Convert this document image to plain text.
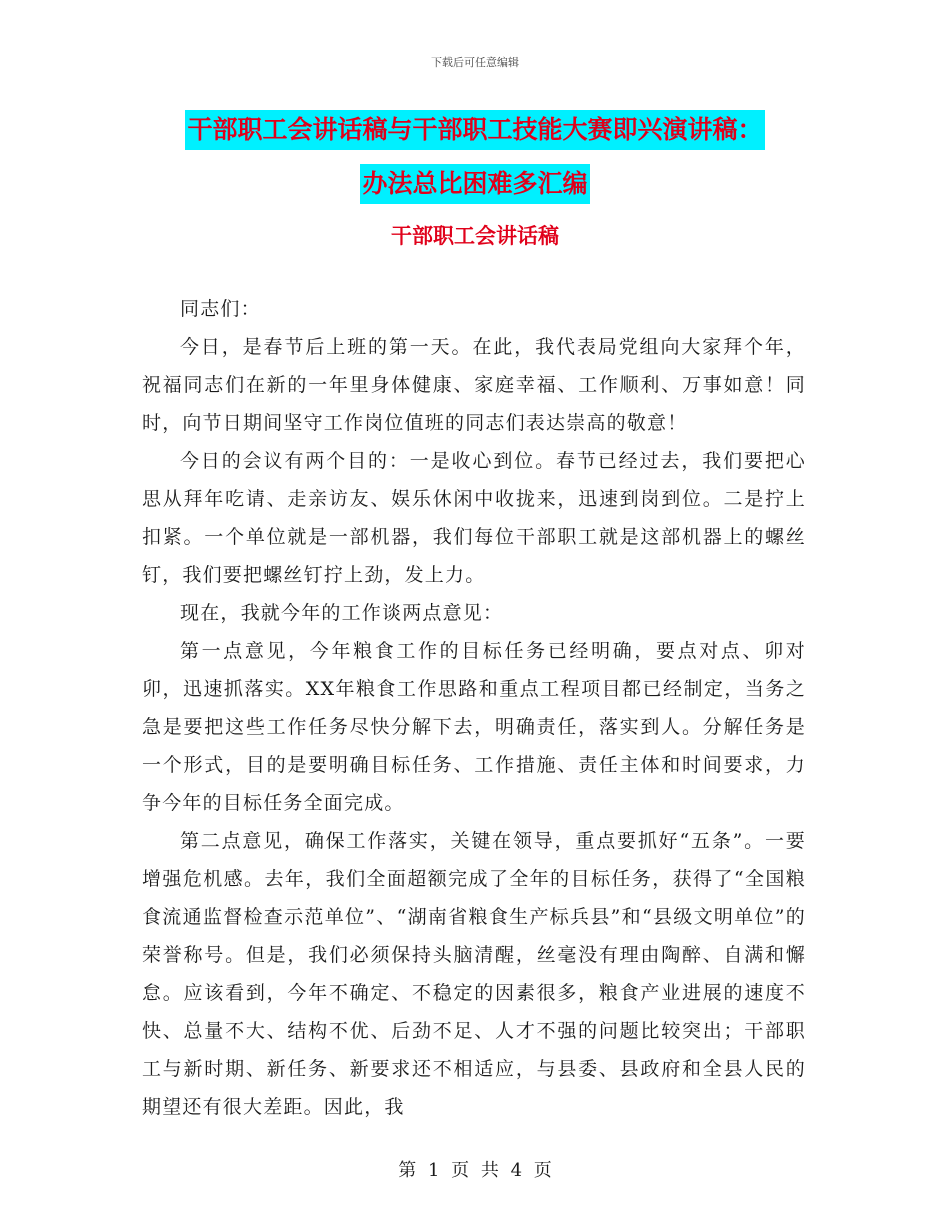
下载后可任意编辑
干部职工会讲话稿与干部职工技能大赛即兴演讲稿：
办法总比困难多汇编
干部职工会讲话稿

同志们：

今日，是春节后上班的第一天。在此，我代表局党组向大家拜个年，祝福同志们在新的一年里身体健康、家庭幸福、工作顺利、万事如意！同时，向节日期间坚守工作岗位值班的同志们表达崇高的敬意！

今日的会议有两个目的：一是收心到位。春节已经过去，我们要把心思从拜年吃请、走亲访友、娱乐休闲中收拢来，迅速到岗到位。二是拧上扣紧。一个单位就是一部机器，我们每位干部职工就是这部机器上的螺丝钉，我们要把螺丝钉拧上劲，发上力。

现在，我就今年的工作谈两点意见：

第一点意见，今年粮食工作的目标任务已经明确，要点对点、卯对卯，迅速抓落实。XX年粮食工作思路和重点工程项目都已经制定，当务之急是要把这些工作任务尽快分解下去，明确责任，落实到人。分解任务是一个形式，目的是要明确目标任务、工作措施、责任主体和时间要求，力争今年的目标任务全面完成。

第二点意见，确保工作落实，关键在领导，重点要抓好“五条”。一要增强危机感。去年，我们全面超额完成了全年的目标任务，获得了“全国粮食流通监督检查示范单位”、“湖南省粮食生产标兵县”和“县级文明单位”的荣誉称号。但是，我们必须保持头脑清醒，丝毫没有理由陶醉、自满和懈怠。应该看到，今年不确定、不稳定的因素很多，粮食产业进展的速度不快、总量不大、结构不优、后劲不足、人才不强的问题比较突出；干部职工与新时期、新任务、新要求还不相适应，与县委、县政府和全县人民的期望还有很大差距。因此，我

第 1 页 共 4 页
